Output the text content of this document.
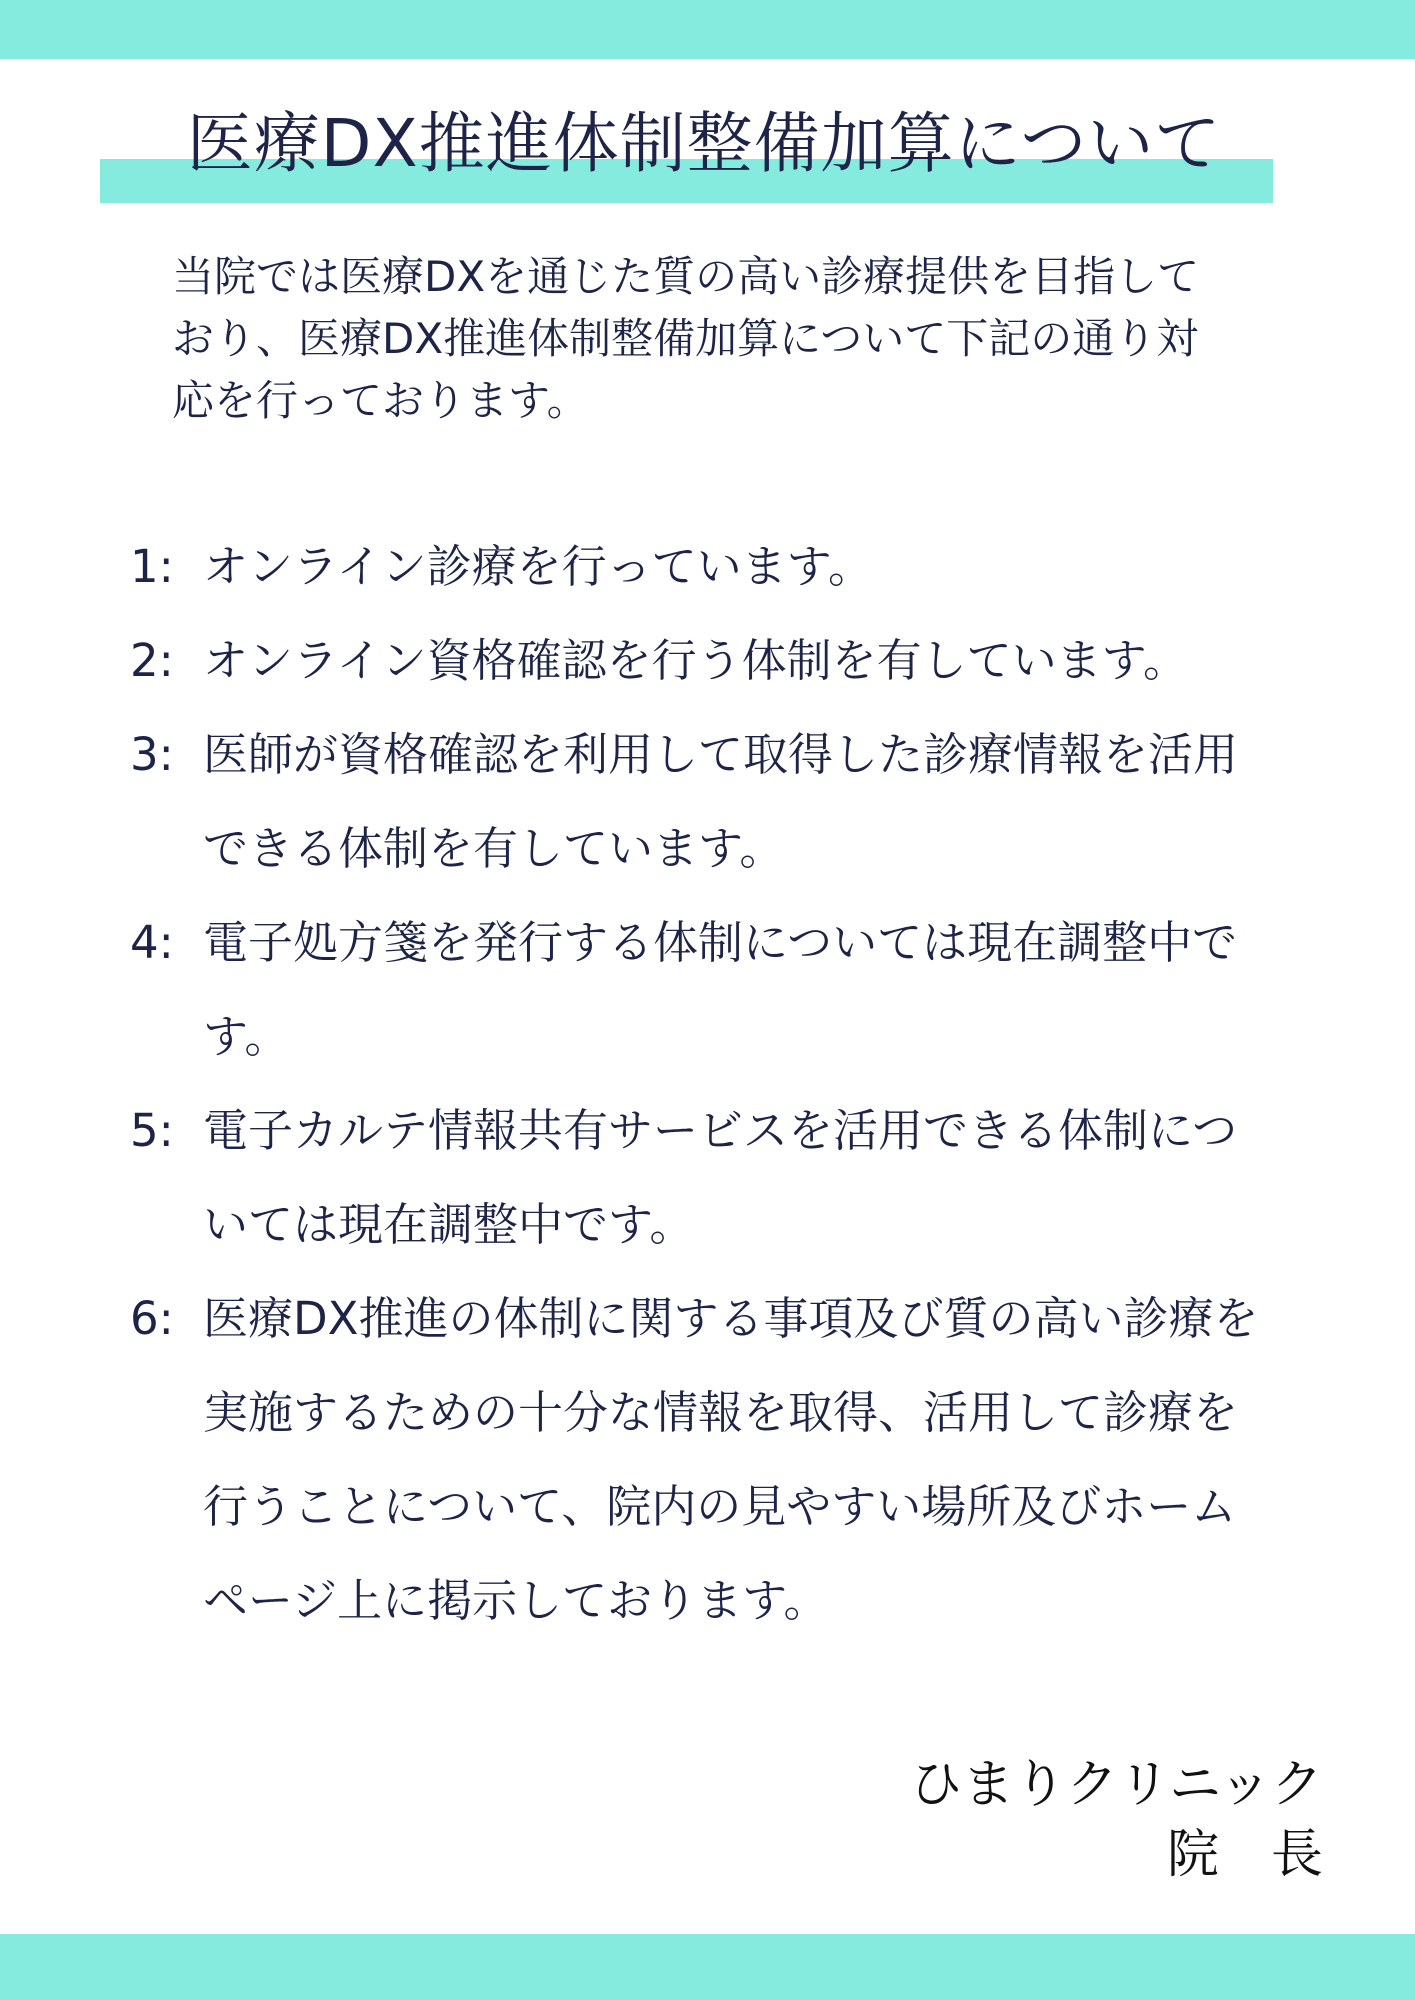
医療DX推進体制整備加算について

当院では医療DXを通じた質の高い診療提供を目指しており、医療DX推進体制整備加算について下記の通り対応を行っております。

1: オンライン診療を行っています。
2: オンライン資格確認を行う体制を有しています。
3: 医師が資格確認を利用して取得した診療情報を活用できる体制を有しています。
4: 電子処方箋を発行する体制については現在調整中です。
5: 電子カルテ情報共有サービスを活用できる体制については現在調整中です。
6: 医療DX推進の体制に関する事項及び質の高い診療を実施するための十分な情報を取得、活用して診療を行うことについて、院内の見やすい場所及びホームページ上に掲示しております。
ひまりクリニック
院　長
